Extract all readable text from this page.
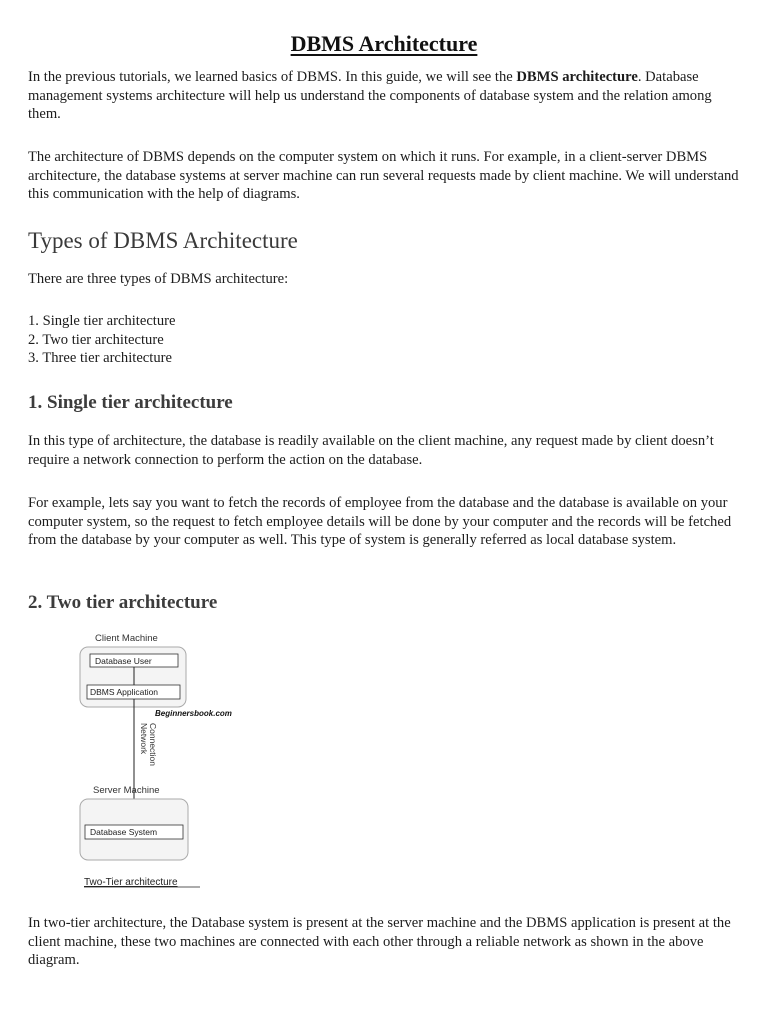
DBMS Architecture

In the previous tutorials, we learned basics of DBMS. In this guide, we will see the DBMS architecture. Database management systems architecture will help us understand the components of database system and the relation among them.

The architecture of DBMS depends on the computer system on which it runs. For example, in a client-server DBMS architecture, the database systems at server machine can run several requests made by client machine. We will understand this communication with the help of diagrams.

Types of DBMS Architecture

There are three types of DBMS architecture:

1. Single tier architecture
2. Two tier architecture
3. Three tier architecture
1. Single tier architecture

In this type of architecture, the database is readily available on the client machine, any request made by client doesn’t require a network connection to perform the action on the database.

For example, lets say you want to fetch the records of employee from the database and the database is available on your computer system, so the request to fetch employee details will be done by your computer and the records will be fetched from the database by your computer as well. This type of system is generally referred as local database system.

2. Two tier architecture
Client Machine
Database User
DBMS Application
Beginnersbook.com
Network Connection
Server Machine
Database System
Two-Tier architecture

In two-tier architecture, the Database system is present at the server machine and the DBMS application is present at the client machine, these two machines are connected with each other through a reliable network as shown in the above diagram.
